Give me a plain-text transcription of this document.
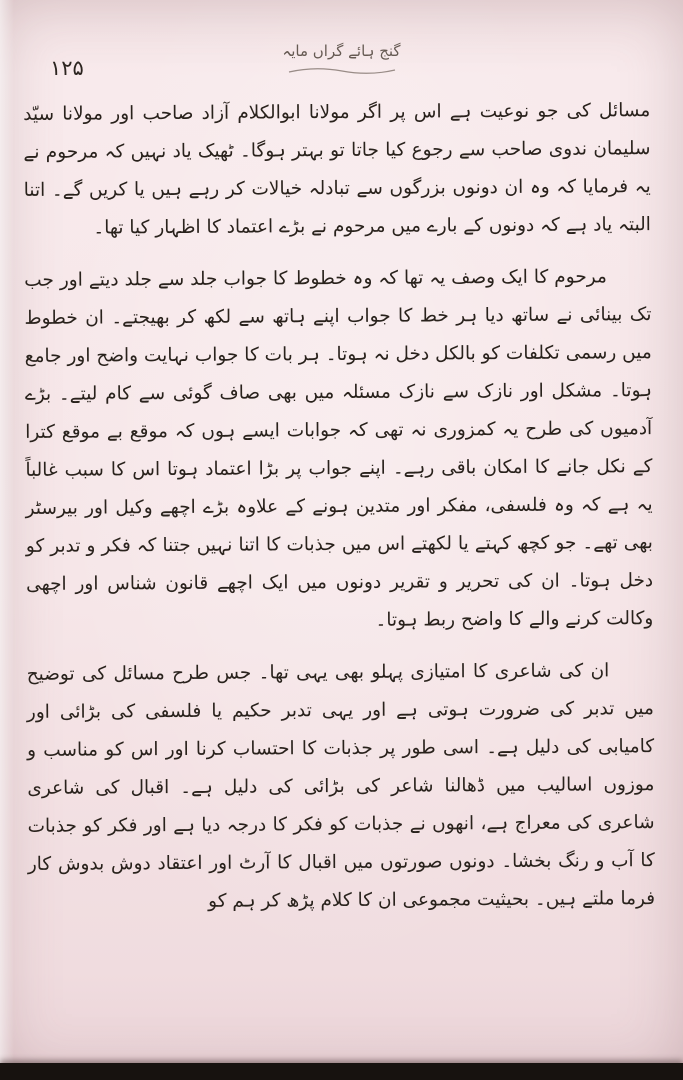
گنج ہائے گراں مایہ
۱۲۵

مسائل کی جو نوعیت ہے اس پر اگر مولانا ابوالکلام آزاد صاحب اور مولانا سیّد سلیمان ندوی صاحب سے رجوع کیا جاتا تو بہتر ہوگا۔ ٹھیک یاد نہیں کہ مرحوم نے یہ فرمایا کہ وہ ان دونوں بزرگوں سے تبادلہ خیالات کر رہے ہیں یا کریں گے۔ اتنا البتہ یاد ہے کہ دونوں کے بارے میں مرحوم نے بڑے اعتماد کا اظہار کیا تھا۔

مرحوم کا ایک وصف یہ تھا کہ وہ خطوط کا جواب جلد سے جلد دیتے اور جب تک بینائی نے ساتھ دیا ہر خط کا جواب اپنے ہاتھ سے لکھ کر بھیجتے۔ ان خطوط میں رسمی تکلفات کو بالکل دخل نہ ہوتا۔ ہر بات کا جواب نہایت واضح اور جامع ہوتا۔ مشکل اور نازک سے نازک مسئلہ میں بھی صاف گوئی سے کام لیتے۔ بڑے آدمیوں کی طرح یہ کمزوری نہ تھی کہ جوابات ایسے ہوں کہ موقع بے موقع کترا کے نکل جانے کا امکان باقی رہے۔ اپنے جواب پر بڑا اعتماد ہوتا اس کا سبب غالباً یہ ہے کہ وہ فلسفی، مفکر اور متدین ہونے کے علاوہ بڑے اچھے وکیل اور بیرسٹر بھی تھے۔ جو کچھ کہتے یا لکھتے اس میں جذبات کا اتنا نہیں جتنا کہ فکر و تدبر کو دخل ہوتا۔ ان کی تحریر و تقریر دونوں میں ایک اچھے قانون شناس اور اچھی وکالت کرنے والے کا واضح ربط ہوتا۔

ان کی شاعری کا امتیازی پہلو بھی یہی تھا۔ جس طرح مسائل کی توضیح میں تدبر کی ضرورت ہوتی ہے اور یہی تدبر حکیم یا فلسفی کی بڑائی اور کامیابی کی دلیل ہے۔ اسی طور پر جذبات کا احتساب کرنا اور اس کو مناسب و موزوں اسالیب میں ڈھالنا شاعر کی بڑائی کی دلیل ہے۔ اقبال کی شاعری شاعری کی معراج ہے، انھوں نے جذبات کو فکر کا درجہ دیا ہے اور فکر کو جذبات کا آب و رنگ بخشا۔ دونوں صورتوں میں اقبال کا آرٹ اور اعتقاد دوش بدوش کار فرما ملتے ہیں۔ بحیثیت مجموعی ان کا کلام پڑھ کر ہم کو
